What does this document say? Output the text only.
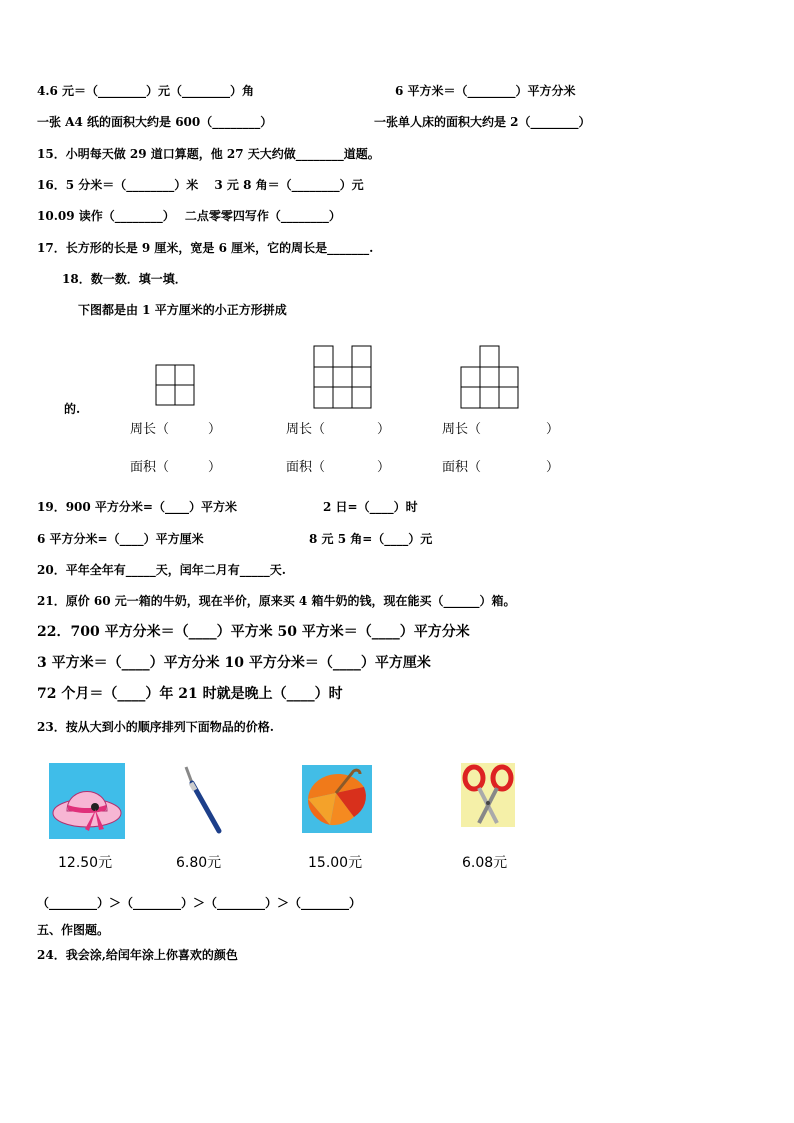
4.6 元＝（________）元（________）角	6 平方米＝（________）平方分米
一张 A4 纸的面积大约是 600（________）	一张单人床的面积大约是 2（________）
15．小明每天做 29 道口算题，他 27 天大约做________道题。
16．5 分米＝（________）米　 3 元 8 角＝（________）元
10.09 读作（________）　 二点零零四写作（________）
17．长方形的长是 9 厘米，宽是 6 厘米，它的周长是_______.
18．数一数．填一填．
下图都是由 1 平方厘米的小正方形拼成
的.
周长（　　　）	周长（　　　　）	周长（　　　　　）
面积（　　　）	面积（　　　　）	面积（　　　　　）
19．900 平方分米=（____）平方米	2 日=（____）时
6 平方分米=（____）平方厘米	8 元 5 角=（____）元
20．平年全年有_____天，闰年二月有_____天.
21．原价 60 元一箱的牛奶，现在半价，原来买 4 箱牛奶的钱，现在能买（______）箱。
22．700 平方分米＝（____）平方米 50 平方米＝（____）平方分米
3 平方米＝（____）平方分米 10 平方分米＝（____）平方厘米
72 个月＝（____）年 21 时就是晚上（____）时
23．按从大到小的顺序排列下面物品的价格.
12.50元	6.80元	15.00元	6.08元
（________）＞（________）＞（________）＞（________）
五、作图题。
24．我会涂,给闰年涂上你喜欢的颜色
